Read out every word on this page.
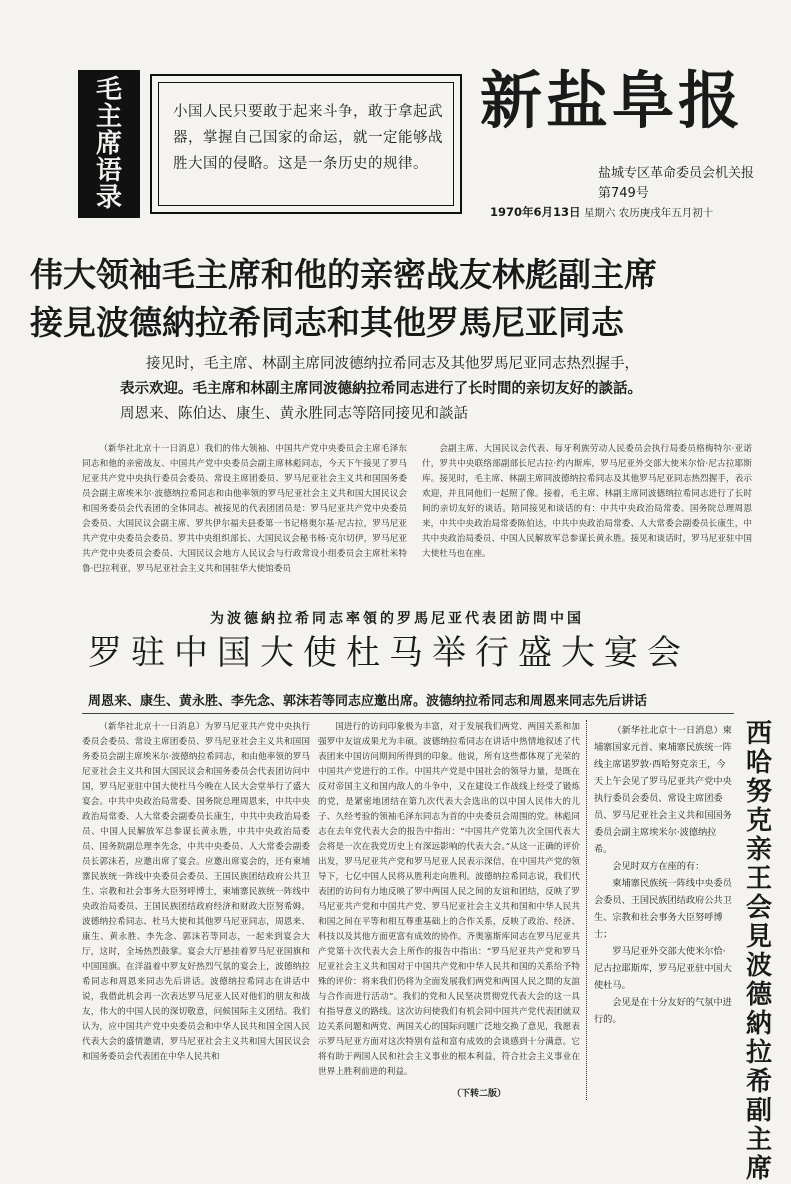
毛
主
席
语
录
小国人民只要敢于起来斗争，敢于拿起武器，掌握自己国家的命运，就一定能够战胜大国的侵略。这是一条历史的规律。
新盐阜报
盐城专区革命委员会机关报
第749号
1970年6月13日 星期六 农历庚戌年五月初十
伟大领袖毛主席和他的亲密战友林彪副主席
接見波德納拉希同志和其他罗馬尼亚同志
接见时，毛主席、林副主席同波德纳拉希同志及其他罗馬尼亚同志热烈握手，
表示欢迎。毛主席和林副主席同波德納拉希同志进行了长时間的亲切友好的談話。
周恩来、陈伯达、康生、黄永胜同志等陪同接见和談話

（新华社北京十一日消息）我们的伟大领袖、中国共产党中央委员会主席毛泽东同志和他的亲密战友、中国共产党中央委员会副主席林彪同志，今天下午接见了罗马尼亚共产党中央执行委员会委员、常设主席团委员、罗马尼亚社会主义共和国国务委员会副主席埃米尔·波德纳拉希同志和由他率领的罗马尼亚社会主义共和国大国民议会和国务委员会代表团的全体同志。被接见的代表团团员是：罗马尼亚共产党中央委员会委员、大国民议会副主席、罗共伊尔福夫县委第一书记格奥尔基·尼古拉，罗马尼亚共产党中央委员会委员、罗共中央组织部长、大国民议会秘书杨·克尔切伊，罗马尼亚共产党中央委员会委员、大国民议会地方人民议会与行政常设小组委员会主席杜米特鲁·巴拉利亚，罗马尼亚社会主义共和国驻华大使馆委员

会副主席、大国民议会代表、每牙利族劳动人民委员会执行局委员格梅特尔·亚诺什，罗共中央联络部副部长尼古拉·约内斯库，罗马尼亚外交部大使米尔恰·尼古拉耶斯库。接见时，毛主席、林副主席同波德纳拉希同志及其他罗马尼亚同志热烈握手，表示欢迎，并且同他们一起照了像。接着，毛主席、林副主席同波德纳拉希同志进行了长时间的亲切友好的谈话。陪同接见和谈话的有：中共中央政治局常委、国务院总理周恩来，中共中央政治局常委陈伯达，中共中央政治局常委、人大常委会副委员长康生，中共中央政治局委员、中国人民解放军总参谋长黄永胜。接见和谈话时，罗马尼亚驻中国大使杜马也在座。

为波德納拉希同志率領的罗馬尼亚代表团訪問中国
罗驻中国大使杜马举行盛大宴会
周恩来、康生、黄永胜、李先念、郭沫若等同志应邀出席。波德纳拉希同志和周恩来同志先后讲话

（新华社北京十一日消息）为罗马尼亚共产党中央执行委员会委员、常设主席团委员、罗马尼亚社会主义共和国国务委员会副主席埃米尔·波德纳拉希同志，和由他率领的罗马尼亚社会主义共和国大国民议会和国务委员会代表团访问中国，罗马尼亚驻中国大使杜马今晚在人民大会堂举行了盛大宴会。中共中央政治局常委、国务院总理周恩来，中共中央政治局常委、人大常委会副委员长康生，中共中央政治局委员、中国人民解放军总参谋长黄永胜，中共中央政治局委员、国务院副总理李先念，中共中央委员、人大常委会副委员长郭沫若，应邀出席了宴会。应邀出席宴会的，还有柬埔寨民族统一阵线中央委员会委员、王国民族团结政府公共卫生、宗教和社会事务大臣努呼博士，柬埔寨民族统一阵线中央政治局委员、王国民族团结政府经济和财政大臣努希姆。波德纳拉希同志、杜马大使和其他罗马尼亚同志，周恩来、康生、黄永胜、李先念、郭沫若等同志，一起来到宴会大厅，这时，全场热烈鼓掌。宴会大厅悬挂着罗马尼亚国旗和中国国旗。在洋溢着中罗友好热烈气氛的宴会上，波德纳拉希同志和周恩来同志先后讲话。波德纳拉希同志在讲话中说，我借此机会再一次表达罗马尼亚人民对他们的朋友和战友，伟大的中国人民的深切敬意，问候国际主义团结。我们认为，应中国共产党中央委员会和中华人民共和国全国人民代表大会的盛情邀请，罗马尼亚社会主义共和国大国民议会和国务委员会代表团在中华人民共和

国进行的访问印象极为丰富，对于发展我们两党、两国关系和加强罗中友谊成果尤为丰硕。波德纳拉希同志在讲话中热情地叙述了代表团来中国访问期间所得到的印象。他说，所有这些都体现了光荣的中国共产党进行的工作。中国共产党是中国社会的领导力量，是既在反对帝国主义和国内敌人的斗争中，又在建设工作战线上经受了锻炼的党，是紧密地团结在第九次代表大会选出的以中国人民伟大的儿子、久经考验的领袖毛泽东同志为首的中央委员会周围的党。林彪同志在去年党代表大会的报告中指出：“中国共产党第九次全国代表大会将是一次在我党历史上有深远影响的代表大会。”从这一正确的评价出发，罗马尼亚共产党和罗马尼亚人民表示深信，在中国共产党的领导下，七亿中国人民将从胜利走向胜利。波德纳拉希同志说，我们代表团的访问有力地反映了罗中两国人民之间的友谊和团结，反映了罗马尼亚共产党和中国共产党、罗马尼亚社会主义共和国和中华人民共和国之间在平等和相互尊重基础上的合作关系，反映了政治、经济、科技以及其他方面更富有成效的协作。齐奥塞斯库同志在罗马尼亚共产党第十次代表大会上所作的报告中指出：“罗马尼亚共产党和罗马尼亚社会主义共和国对于中国共产党和中华人民共和国的关系给予特殊的评价：将来我们仍将为全面发展我们两党和两国人民之間的友誼与合作而进行活动”。我们的党和人民坚决贯彻党代表大会的这一具有指导意义的路线。这次访问使我们有机会同中国共产党代表团就双边关系问题和两党、两国关心的国际问题广泛地交换了意见，我愿表示罗马尼亚方面对这次特别有益和富有成效的会谈感到十分满意。它将有助于两国人民和社会主义事业的根本利益，符合社会主义事业在世界上胜利前进的利益。

（下转二版）

（新华社北京十一日消息）柬埔寨国家元首、柬埔寨民族统一阵线主席诺罗敦·西哈努克亲王，今天上午会见了罗马尼亚共产党中央执行委员会委员、常设主席团委员、罗马尼亚社会主义共和国国务委员会副主席埃米尔·波德纳拉希。

会见时双方在座的有：

柬埔寨民族统一阵线中央委员会委员、王国民族团结政府公共卫生、宗教和社会事务大臣努呼博士；

罗马尼亚外交部大使米尔恰·尼古拉耶斯库，罗马尼亚驻中国大使杜马。

会见是在十分友好的气氛中进行的。

西哈努克亲王会見波德納拉希副主席
